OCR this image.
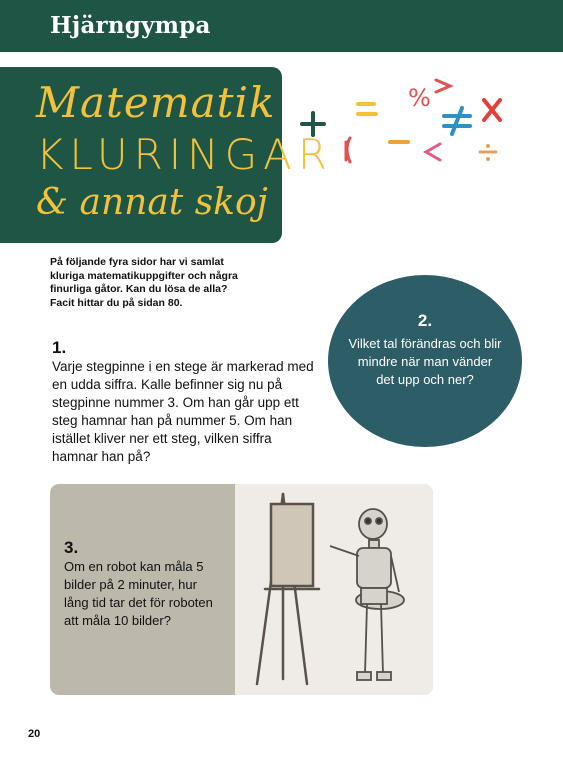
Hjärngympa
Matematik
KLURINGAR
& annat skoj
%
På följande fyra sidor har vi samlat kluriga matematikuppgifter och några finurliga gåtor. Kan du lösa de alla? Facit hittar du på sidan 80.
2.
Vilket tal förändras och blir mindre när man vänder det upp och ner?
1.
Varje stegpinne i en stege är markerad med en udda siffra. Kalle befinner sig nu på stegpinne nummer 3. Om han går upp ett steg hamnar han på nummer 5. Om han istället kliver ner ett steg, vilken siffra hamnar han på?
3.
Om en robot kan måla 5 bilder på 2 minuter, hur lång tid tar det för roboten att måla 10 bilder?
20
